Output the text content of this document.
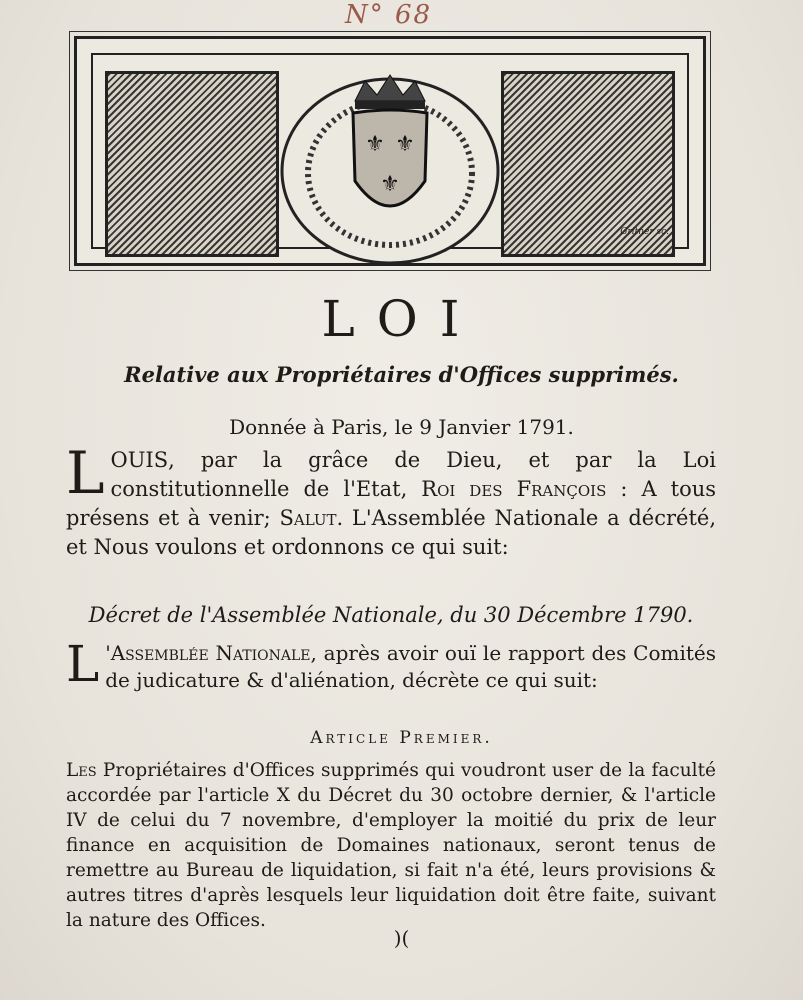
N° 68
⚜ ⚜
⚜
Gritner sc.
LOI
Relative aux Propriétaires d'Offices supprimés.
Donnée à Paris, le 9 Janvier 1791.
LOUIS, par la grâce de Dieu, et par la Loi constitutionnelle de l'Etat, Roi des François : A tous présens et à venir; Salut. L'Assemblée Nationale a décrété, et Nous voulons et ordonnons ce qui suit:
Décret de l'Assemblée Nationale, du 30 Décembre 1790.
L 'Assemblée Nationale, après avoir ouï le rapport des Comités de judicature & d'aliénation, décrète ce qui suit:
Article Premier.
Les Propriétaires d'Offices supprimés qui voudront user de la faculté accordée par l'article X du Décret du 30 octobre dernier, & l'article IV de celui du 7 novembre, d'employer la moitié du prix de leur finance en acquisition de Domaines nationaux, seront tenus de remettre au Bureau de liquidation, si fait n'a été, leurs provisions & autres titres d'après lesquels leur liquidation doit être faite, suivant la nature des Offices.
)(
